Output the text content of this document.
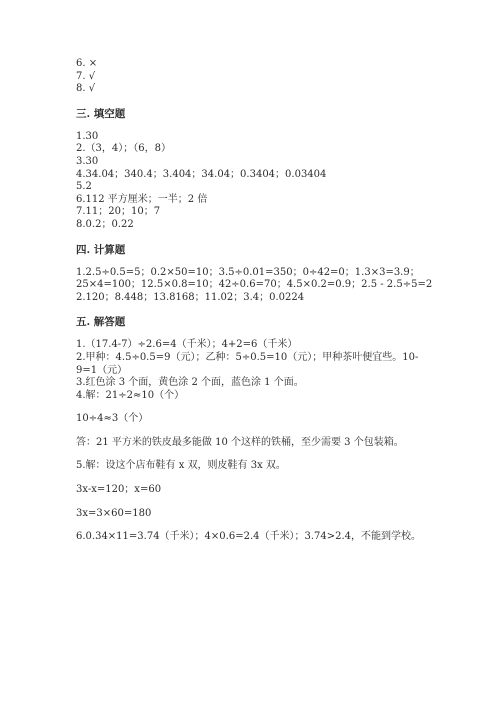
6. ×
7. √
8. √
三. 填空题
1.30
2.（3，4）；（6，8）
3.30
4.34.04；340.4；3.404；34.04；0.3404；0.03404
5.2
6.112 平方厘米；一半；2 倍
7.11；20；10；7
8.0.2；0.22
四. 计算题
1.2.5÷0.5=5；0.2×50=10；3.5÷0.01=350；0÷42=0；1.3×3=3.9；
25×4=100；12.5×0.8=10；42÷0.6=70；4.5×0.2=0.9；2.5 - 2.5÷5=2
2.120；8.448；13.8168；11.02；3.4；0.0224
五. 解答题
1.（17.4-7）÷2.6=4（千米）；4+2=6（千米）
2.甲种：4.5÷0.5=9（元）；乙种：5÷0.5=10（元）；甲种茶叶便宜些。10-
9=1（元）
3.红色涂 3 个面，黄色涂 2 个面，蓝色涂 1 个面。
4.解：21÷2≈10（个）
10÷4≈3（个）
答：21 平方米的铁皮最多能做 10 个这样的铁桶，至少需要 3 个包装箱。
5.解：设这个店布鞋有 x 双，则皮鞋有 3x 双。
3x-x=120；x=60
3x=3×60=180
6.0.34×11=3.74（千米）；4×0.6=2.4（千米）；3.74>2.4，不能到学校。
